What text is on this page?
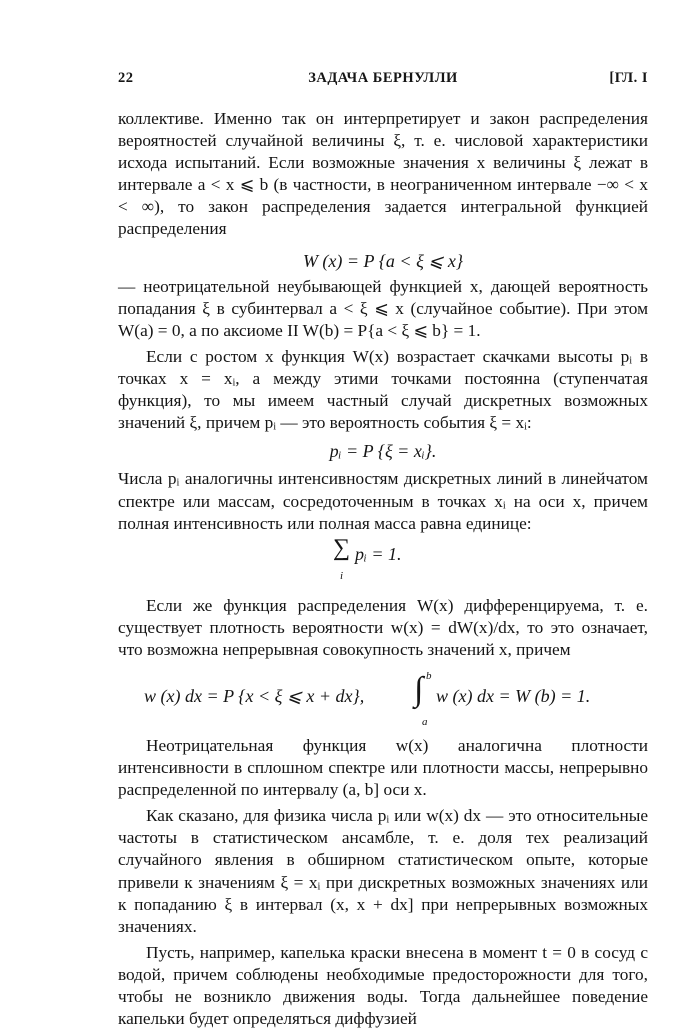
22	ЗАДАЧА БЕРНУЛЛИ	[ГЛ. I

коллективе. Именно так он интерпретирует и закон распределения вероятностей случайной величины ξ, т. е. числовой характеристики исхода испытаний. Если возможные значения x величины ξ лежат в интервале a < x ⩽ b (в частности, в неограниченном интервале −∞ < x < ∞), то закон распределения задается интегральной функцией распределения

W (x) = P {a < ξ ⩽ x}

— неотрицательной неубывающей функцией x, дающей вероятность попадания ξ в субинтервал a < ξ ⩽ x (случайное событие). При этом W(a) = 0, а по аксиоме II W(b) = P{a < ξ ⩽ b} = 1.

Если с ростом x функция W(x) возрастает скачками высоты pᵢ в точках x = xᵢ, а между этими точками постоянна (ступенчатая функция), то мы имеем частный случай дискретных возможных значений ξ, причем pᵢ — это вероятность события ξ = xᵢ:

pᵢ = P {ξ = xᵢ}.

Числа pᵢ аналогичны интенсивностям дискретных линий в линейчатом спектре или массам, сосредоточенным в точках xᵢ на оси x, причем полная интенсивность или полная масса равна единице:

∑
i
pᵢ = 1.

Если же функция распределения W(x) дифференцируема, т. е. существует плотность вероятности w(x) = dW(x)/dx, то это означает, что возможна непрерывная совокупность значений x, причем

w (x) dx = P {x < ξ ⩽ x + dx},
b
∫
a
w (x) dx = W (b) = 1.

Неотрицательная функция w(x) аналогична плотности интенсивности в сплошном спектре или плотности массы, непрерывно распределенной по интервалу (a, b] оси x.

Как сказано, для физика числа pᵢ или w(x) dx — это относительные частоты в статистическом ансамбле, т. е. доля тех реализаций случайного явления в обширном статистическом опыте, которые привели к значениям ξ = xᵢ при дискретных возможных значениях или к попаданию ξ в интервал (x, x + dx] при непрерывных возможных значениях.

Пусть, например, капелька краски внесена в момент t = 0 в сосуд с водой, причем соблюдены необходимые предосторожности для того, чтобы не возникло движения воды. Тогда дальнейшее поведение капельки будет определяться диффузией
